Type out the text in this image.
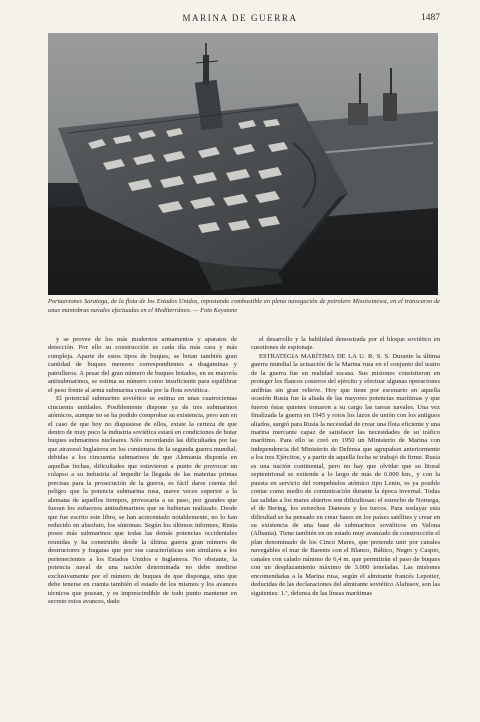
MARINA DE GUERRA	1487
Portaaviones Saratoga, de la flota de los Estados Unidos, repostando combustible en plena navegación de petrolero Mississinewa, en el transcurso de unas maniobras navales efectuadas en el Mediterráneo. — Foto Keystone

y se provee de los más modernos armamentos y aparatos de detección. Por ello su construcción es cada día más cara y más compleja. Aparte de estos tipos de buques, se botan también gran cantidad de buques menores correspondientes a dragaminas y patrulleros. A pesar del gran número de buques botados, en su mayoría antisubmarinos, se estima su número como insuficiente para equilibrar el peso frente al arma submarina creada por la flota soviética.

El potencial submarino soviético se estima en unas cuatrocientas cincuenta unidades. Posiblemente dispone ya de tres submarinos atómicos, aunque no se ha podido comprobar su existencia, pero aun en el caso de que hoy no dispusiese de ellos, existe la certeza de que dentro de muy poco la industria soviética estará en condiciones de botar buques submarinos nucleares. Sólo recordando las dificultades por las que atravesó Inglaterra en los comienzos de la segunda guerra mundial, debidas a los cincuenta submarinos de que Alemania disponía en aquellas fechas, dificultades que estuvieron a punto de provocar un colapso a su industria al impedir la llegada de las materias primas precisas para la prosecución de la guerra, es fácil darse cuenta del peligro que la potencia submarina rusa, nueve veces superior a la alemana de aquellos tiempos, provocaría a su paso, por grandes que fueran los esfuerzos antisubmarinos que se hubieran realizado. Desde que fue escrito este libro, se han acrecentado notablemente, no lo han reducido en absoluto, los síntomas. Según los últimos informes, Rusia posee más submarinos que todas las demás potencias occidentales reunidas y ha construido desde la última guerra gran número de destructores y fragatas que por sus características son similares a los pertenecientes a los Estados Unidos e Inglaterra. No obstante, la potencia naval de una nación determinada no debe medirse exclusivamente por el número de buques de que disponga, sino que debe tenerse en cuenta también el estado de los mismos y los avances técnicos que posean, y es imprescindible de todo punto mantener en secreto estos avances, dado

el desarrollo y la habilidad demostrada por el bloque soviético en cuestiones de espionaje.

ESTRATEGIA MARÍTIMA DE LA U. R. S. S. Durante la última guerra mundial la actuación de la Marina rusa en el conjunto del teatro de la guerra fue en realidad escasa. Sus misiones consistieron en proteger los flancos costeros del ejército y efectuar algunas operaciones anfibias sin gran relieve. Hoy que tiene por escenario en aquella ocasión Rusia fue la aliada de las mayores potencias marítimas y que fueron éstas quienes tomaron a su cargo las tareas navales. Una vez finalizada la guerra en 1945 y rotos los lazos de unión con los antiguos aliados, surgió para Rusia la necesidad de crear una flota eficiente y una marina mercante capaz de satisfacer las necesidades de su tráfico marítimo. Para ello se creó en 1950 un Ministerio de Marina con independencia del Ministerio de Defensa que agrupaban anteriormente a los tres Ejércitos, y a partir de aquella fecha se trabajó de firme. Rusia es una nación continental, pero no hay que olvidar que su litoral septentrional se extiende a lo largo de más de 6.000 km., y con la puesta en servicio del rompehielos atómico tipo Lenin, es ya posible contar como medio de comunicación durante la época invernal. Todas las salidas a los mares abiertos son dificultosas: el estrecho de Noruega, el de Bering, los estrechos Daneses y los turcos. Para soslayar esta dificultad se ha pensado en crear bases en los países satélites y crear en su existencia de una base de submarinos soviéticos en Valona (Albania). Tiene también en un estado muy avanzado de construcción el plan denominado de los Cinco Mares, que pretende unir por canales navegables el mar de Barents con el Blanco, Báltico, Negro y Caspio, canales con calado mínimo de 6,4 m. que permitirán el paso de buques con un desplazamiento máximo de 3.000 toneladas. Las misiones encomendadas a la Marina rusa, según el almirante francés Lepotier, deducidas de las declaraciones del almirante soviético Alafusov, son las siguientes: 1.ª, defensa de las líneas marítimas
